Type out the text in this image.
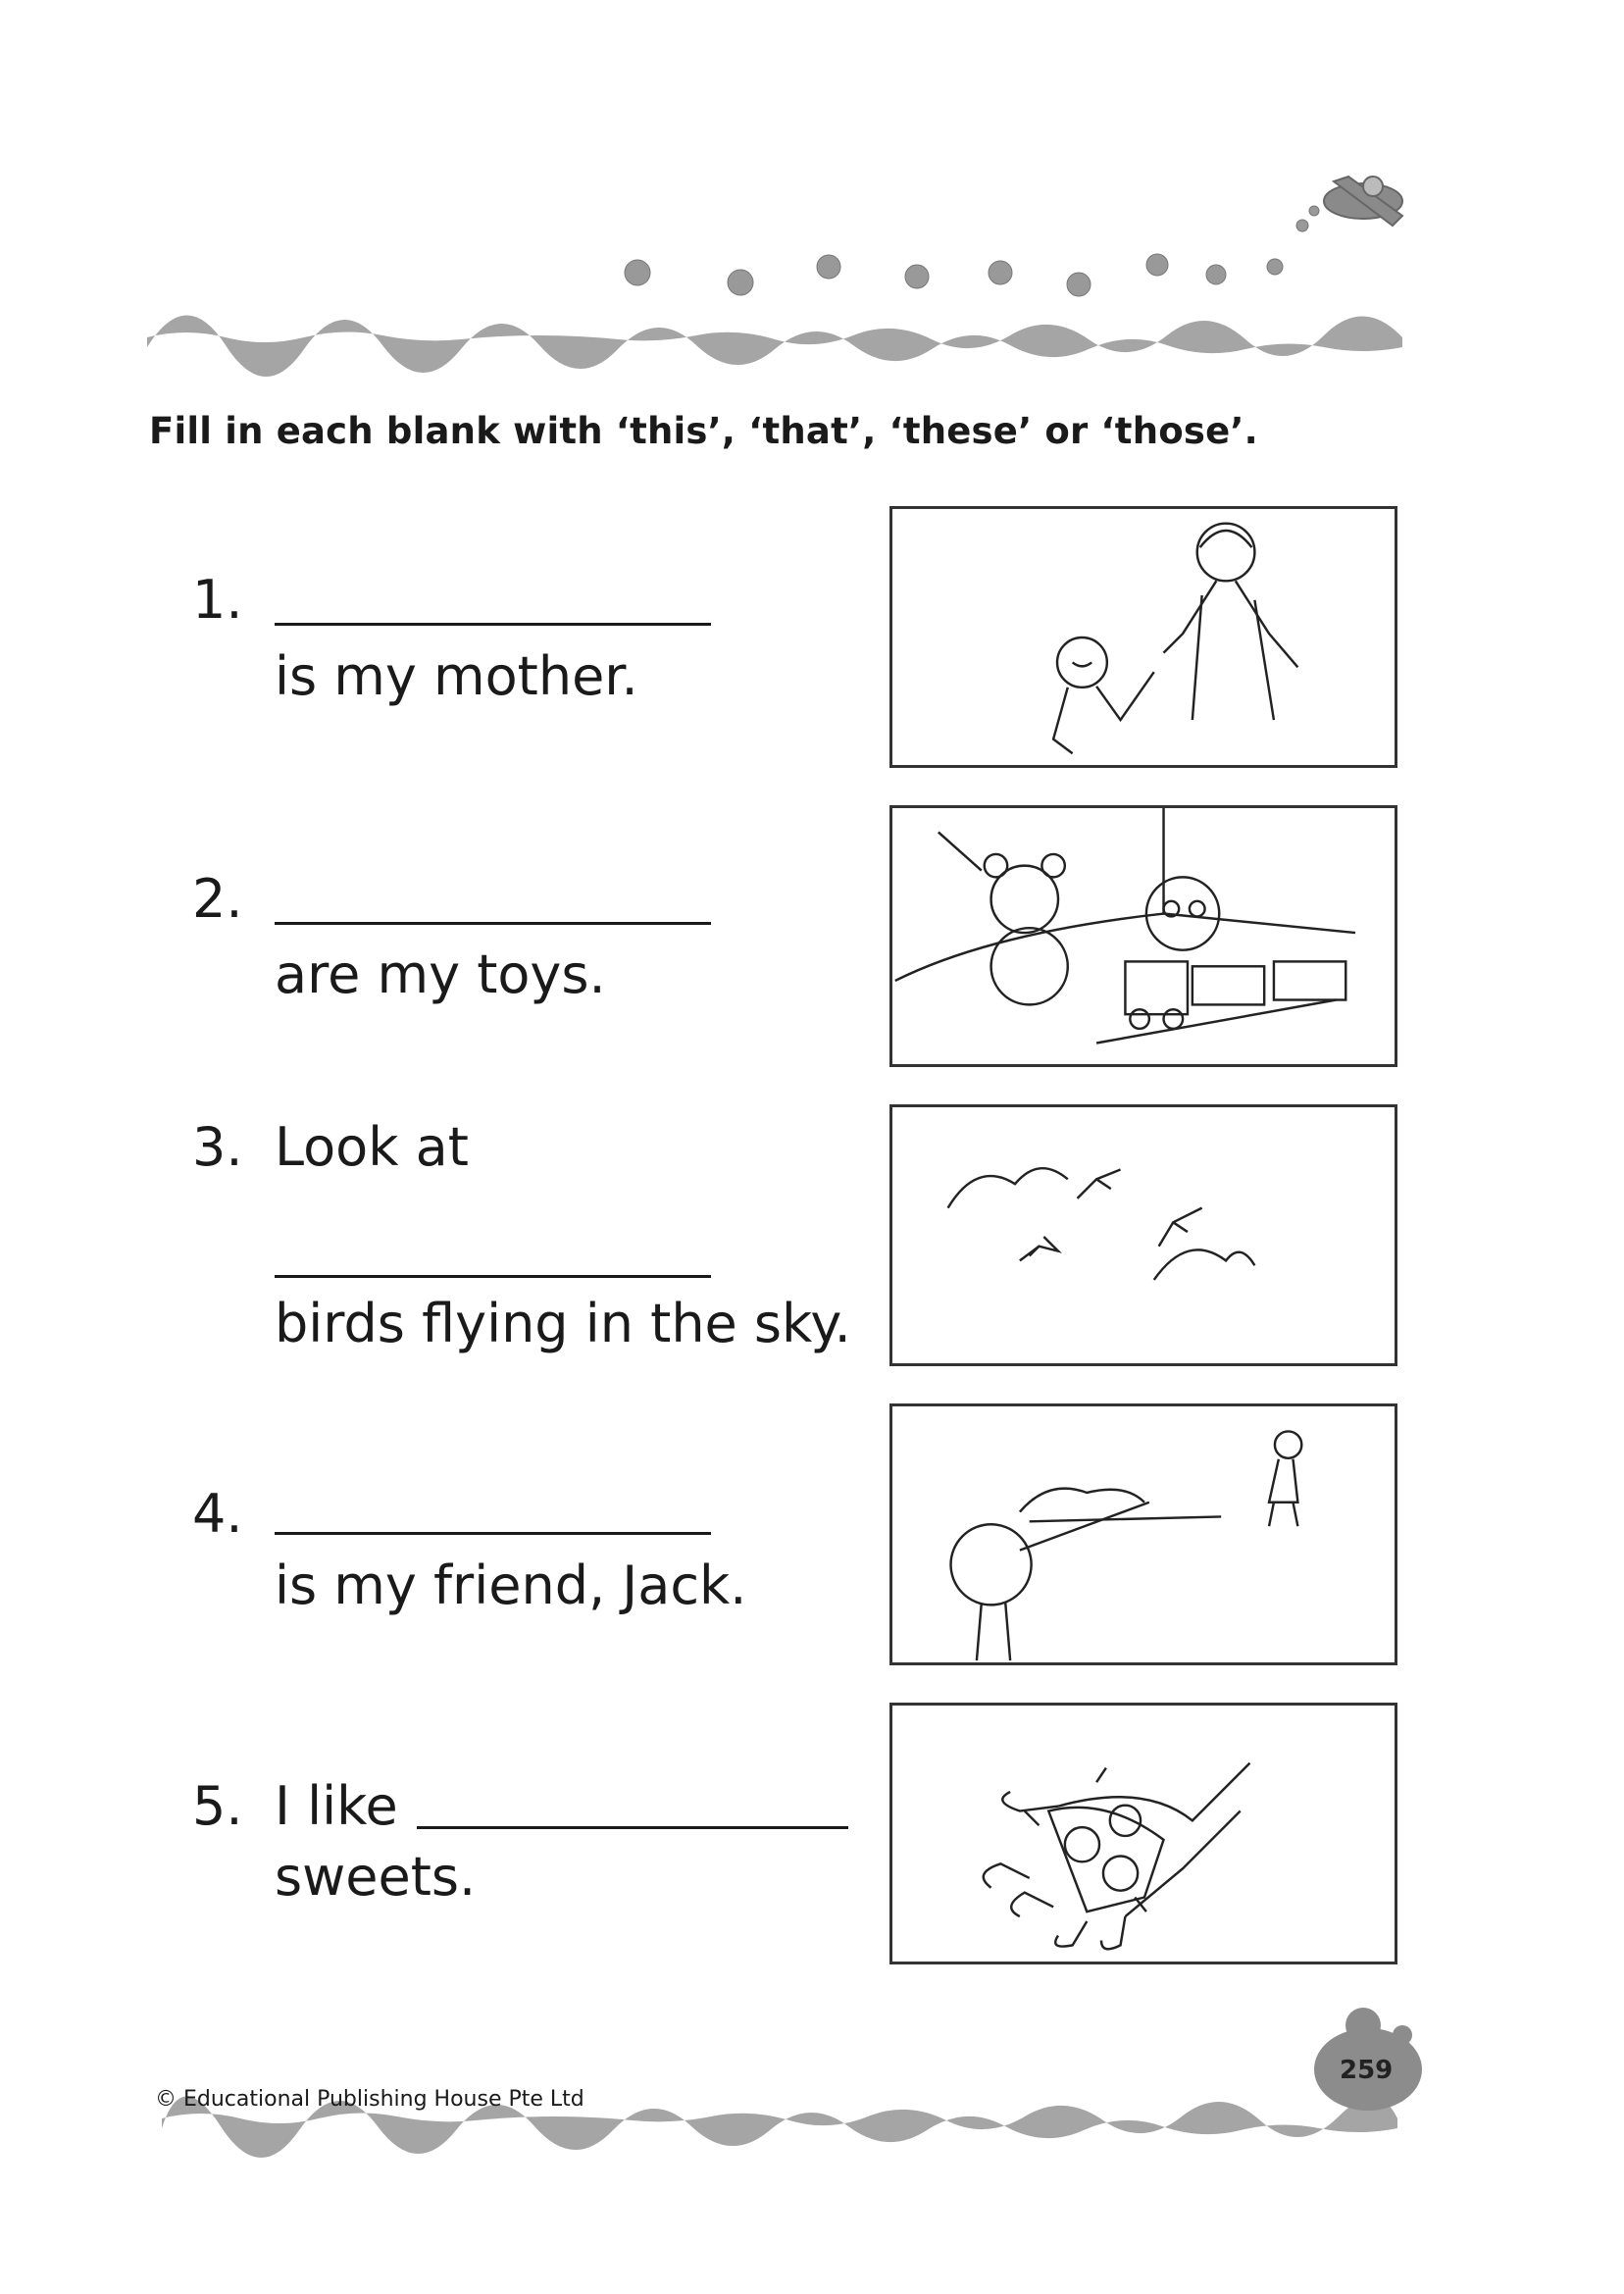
Fill in each blank with ‘this’, ‘that’, ‘these’ or ‘those’.
1.
is my mother.
2.
are my toys.
3. Look at
birds flying in the sky.
4.
is my friend, Jack.
5. I like
sweets.
259
© Educational Publishing House Pte Ltd
